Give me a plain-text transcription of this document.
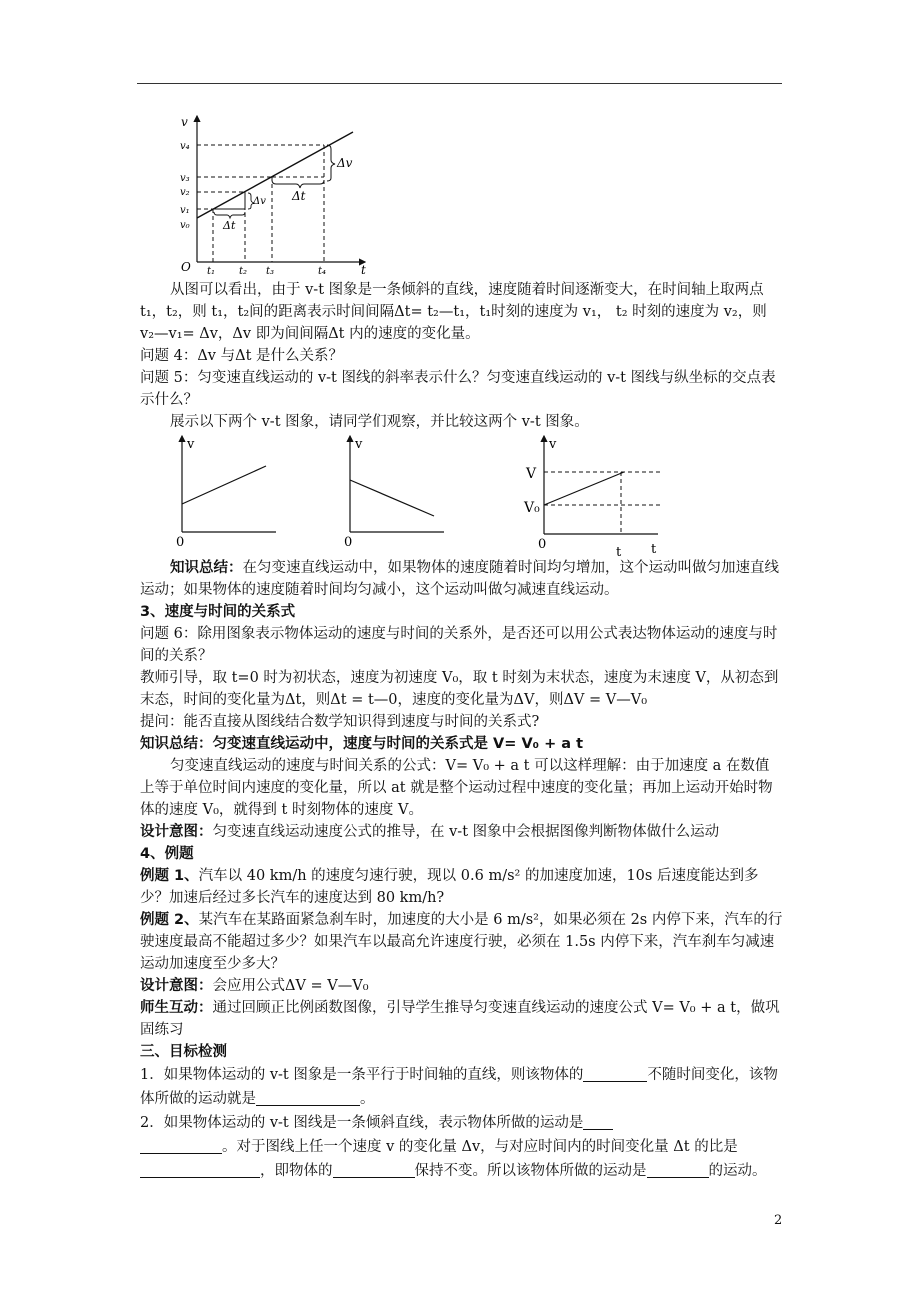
v
t
O
Δv
Δt
Δv
Δt
v₄
v₃
v₂
v₁
v₀
t₁ t₂ t₃	t₄

从图可以看出，由于 v-t 图象是一条倾斜的直线，速度随着时间逐渐变大，在时间轴上取两点 t₁，t₂，则 t₁，t₂间的距离表示时间间隔Δt= t₂—t₁，t₁时刻的速度为 v₁， t₂ 时刻的速度为 v₂，则 v₂—v₁= Δv，Δv 即为间间隔Δt 内的速度的变化量。

问题 4：Δv 与Δt 是什么关系？

问题 5：匀变速直线运动的 v-t 图线的斜率表示什么？匀变速直线运动的 v-t 图线与纵坐标的交点表示什么？

展示以下两个 v-t 图象，请同学们观察，并比较这两个 v-t 图象。

v
0
v
0
v
V
V₀
0
t t

知识总结：在匀变速直线运动中，如果物体的速度随着时间均匀增加，这个运动叫做匀加速直线运动；如果物体的速度随着时间均匀减小，这个运动叫做匀减速直线运动。

3、速度与时间的关系式

问题 6：除用图象表示物体运动的速度与时间的关系外，是否还可以用公式表达物体运动的速度与时间的关系？

教师引导，取 t=0 时为初状态，速度为初速度 V₀，取 t 时刻为末状态，速度为末速度 V，从初态到末态，时间的变化量为Δt，则Δt = t—0，速度的变化量为ΔV，则ΔV = V—V₀

提问：能否直接从图线结合数学知识得到速度与时间的关系式?

知识总结：匀变速直线运动中，速度与时间的关系式是 V= V₀ + a t

匀变速直线运动的速度与时间关系的公式：V= V₀ + a t 可以这样理解：由于加速度 a 在数值上等于单位时间内速度的变化量，所以 at 就是整个运动过程中速度的变化量；再加上运动开始时物体的速度 V₀，就得到 t 时刻物体的速度 V。

设计意图：匀变速直线运动速度公式的推导，在 v-t 图象中会根据图像判断物体做什么运动

4、例题

例题 1、汽车以 40 km/h 的速度匀速行驶，现以 0.6 m/s² 的加速度加速，10s 后速度能达到多少？加速后经过多长汽车的速度达到 80 km/h?

例题 2、某汽车在某路面紧急刹车时，加速度的大小是 6 m/s²，如果必须在 2s 内停下来，汽车的行驶速度最高不能超过多少？如果汽车以最高允许速度行驶，必须在 1.5s 内停下来，汽车刹车匀减速运动加速度至少多大？

设计意图：会应用公式ΔV = V—V₀

师生互动：通过回顾正比例函数图像，引导学生推导匀变速直线运动的速度公式 V= V₀ + a t，做巩固练习

三、目标检测

1．如果物体运动的 v-t 图象是一条平行于时间轴的直线，则该物体的	不随时间变化，该物体所做的运动就是	。

2．如果物体运动的 v-t 图线是一条倾斜直线，表示物体所做的运动是
。对于图线上任一个速度 v 的变化量 Δv，与对应时间内的时间变化量 Δt 的比是，即物体的	保持不变。所以该物体所做的运动是	的运动。

2
